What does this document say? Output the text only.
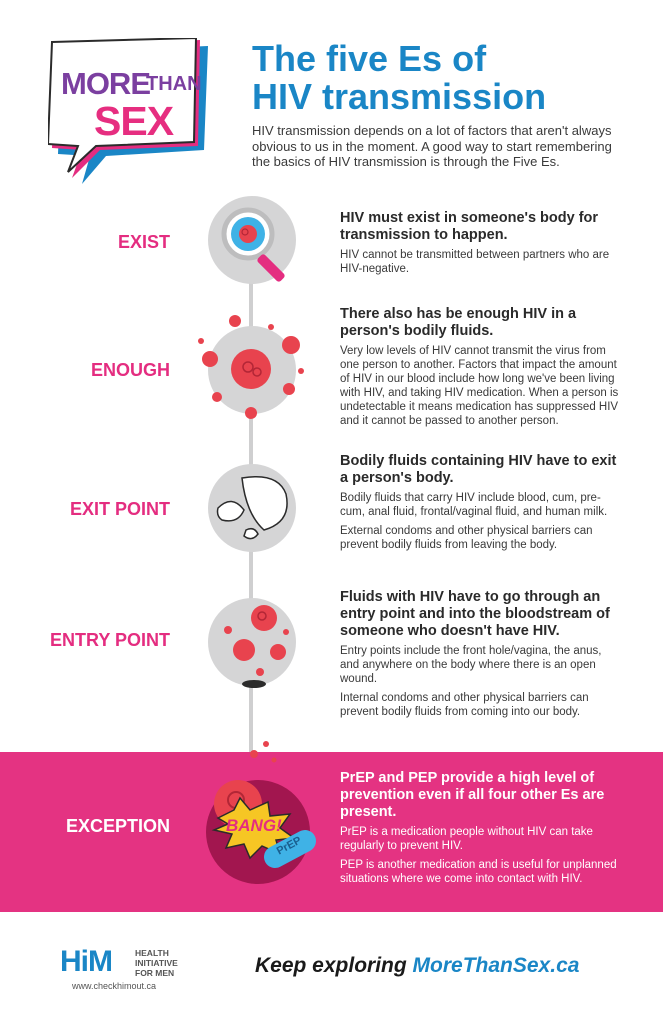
MORE
THAN
SEX
The five Es of
HIV transmission
HIV transmission depends on a lot of factors that aren't always obvious to us in the moment. A good way to start remembering the basics of HIV transmission is through the Five Es.
EXIST
HIV must exist in someone's body for transmission to happen.

HIV cannot be transmitted between partners who are HIV-negative.

ENOUGH
There also has be enough HIV in a person's bodily fluids.

Very low levels of HIV cannot transmit the virus from one person to another. Factors that impact the amount of HIV in our blood include how long we've been living with HIV, and taking HIV medication. When a person is undetectable it means medication has suppressed HIV and it cannot be passed to another person.

EXIT POINT
Bodily fluids containing HIV have to exit a person's body.

Bodily fluids that carry HIV include blood, cum, pre-cum, anal fluid, frontal/vaginal fluid, and human milk.

External condoms and other physical barriers can prevent bodily fluids from leaving the body.

ENTRY POINT
Fluids with HIV have to go through an entry point and into the bloodstream of someone who doesn't have HIV.

Entry points include the front hole/vagina, the anus, and anywhere on the body where there is an open wound.

Internal condoms and other physical barriers can prevent bodily fluids from coming into our body.

EXCEPTION
PrEP and PEP provide a high level of prevention even if all four other Es are present.

PrEP is a medication people without HIV can take regularly to prevent HIV.

PEP is another medication and is useful for unplanned situations where we come into contact with HIV.

BANG!
PrEP
HiM	HEALTH
INITIATIVE
FOR MEN
www.checkhimout.ca
Keep exploring MoreThanSex.ca
